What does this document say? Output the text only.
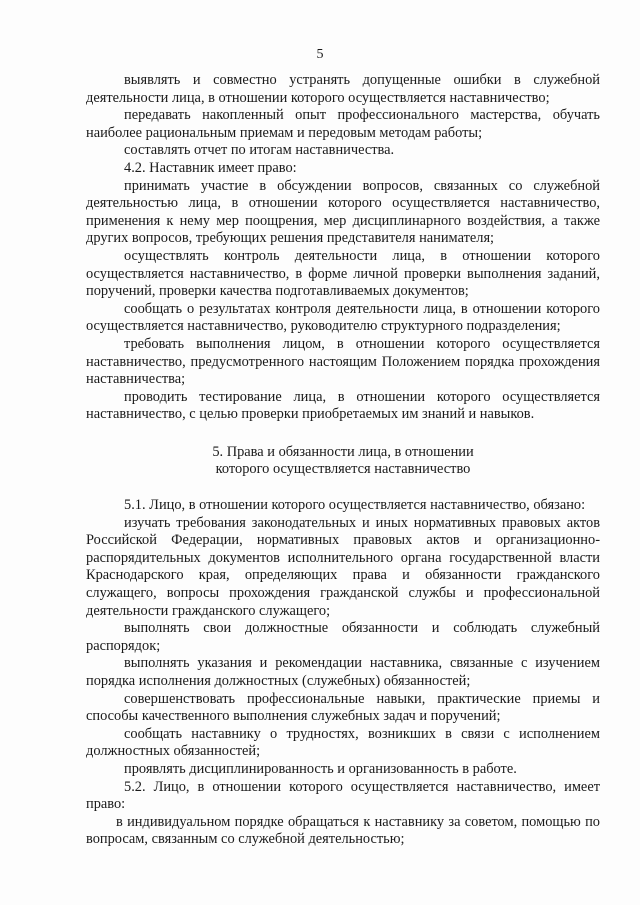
5

выявлять и совместно устранять допущенные ошибки в служебной деятельности лица, в отношении которого осуществляется наставничество;

передавать накопленный опыт профессионального мастерства, обучать наиболее рациональным приемам и передовым методам работы;

составлять отчет по итогам наставничества.

4.2. Наставник имеет право:

принимать участие в обсуждении вопросов, связанных со служебной деятельностью лица, в отношении которого осуществляется наставничество, применения к нему мер поощрения, мер дисциплинарного воздействия, а также других вопросов, требующих решения представителя нанимателя;

осуществлять контроль деятельности лица, в отношении которого осуществляется наставничество, в форме личной проверки выполнения заданий, поручений, проверки качества подготавливаемых документов;

сообщать о результатах контроля деятельности лица, в отношении которого осуществляется наставничество, руководителю структурного подразделения;

требовать выполнения лицом, в отношении которого осуществляется наставничество, предусмотренного настоящим Положением порядка прохождения наставничества;

проводить тестирование лица, в отношении которого осуществляется наставничество, с целью проверки приобретаемых им знаний и навыков.

5. Права и обязанности лица, в отношении
которого осуществляется наставничество

5.1. Лицо, в отношении которого осуществляется наставничество, обязано:

изучать требования законодательных и иных нормативных правовых актов Российской Федерации, нормативных правовых актов и организационно-распорядительных документов исполнительного органа государственной власти Краснодарского края, определяющих права и обязанности гражданского служащего, вопросы прохождения гражданской службы и профессиональной деятельности гражданского служащего;

выполнять свои должностные обязанности и соблюдать служебный распорядок;

выполнять указания и рекомендации наставника, связанные с изучением порядка исполнения должностных (служебных) обязанностей;

совершенствовать профессиональные навыки, практические приемы и способы качественного выполнения служебных задач и поручений;

сообщать наставнику о трудностях, возникших в связи с исполнением должностных обязанностей;

проявлять дисциплинированность и организованность в работе.

5.2. Лицо, в отношении которого осуществляется наставничество, имеет право:

в индивидуальном порядке обращаться к наставнику за советом, помощью по вопросам, связанным со служебной деятельностью;
